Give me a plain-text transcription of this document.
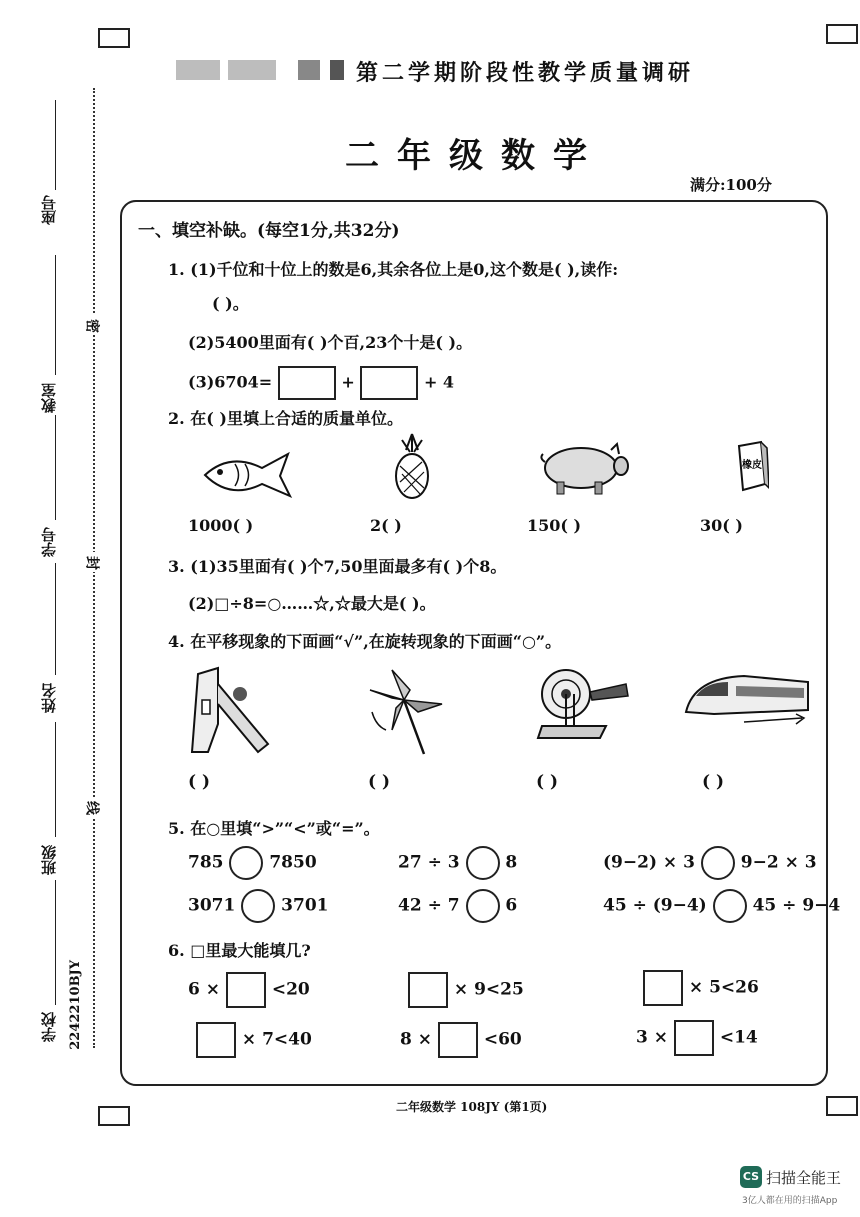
第二学期阶段性教学质量调研
二年级数学
满分:100分
座号
教室
学号
姓名
班级
学校 2242210BJY
密
封
线
一、填空补缺。(每空1分,共32分)
1. (1)千位和十位上的数是6,其余各位上是0,这个数是( ),读作:
( )。
(2)5400里面有( )个百,23个十是( )。
(3)6704=	+	+ 4
2. 在( )里填上合适的质量单位。
橡皮
1000( )	2( )	150( )	30( )
3. (1)35里面有( )个7,50里面最多有( )个8。
(2)□÷8=○……☆,☆最大是( )。
4. 在平移现象的下面画“√”,在旋转现象的下面画“○”。
( )	( )	( )	( )
5. 在○里填“>”“<”或“=”。
785	7850	27 ÷ 3	8	(9−2) × 3	9−2 × 3
3071	3701	42 ÷ 7	6	45 ÷ (9−4)	45 ÷ 9−4
6. □里最大能填几?
6 ×	<20	× 9<25	× 5<26
× 7<40	8 ×	<60	3 ×	<14
二年级数学 108JY (第1页)
CS 扫描全能王
3亿人都在用的扫描App
